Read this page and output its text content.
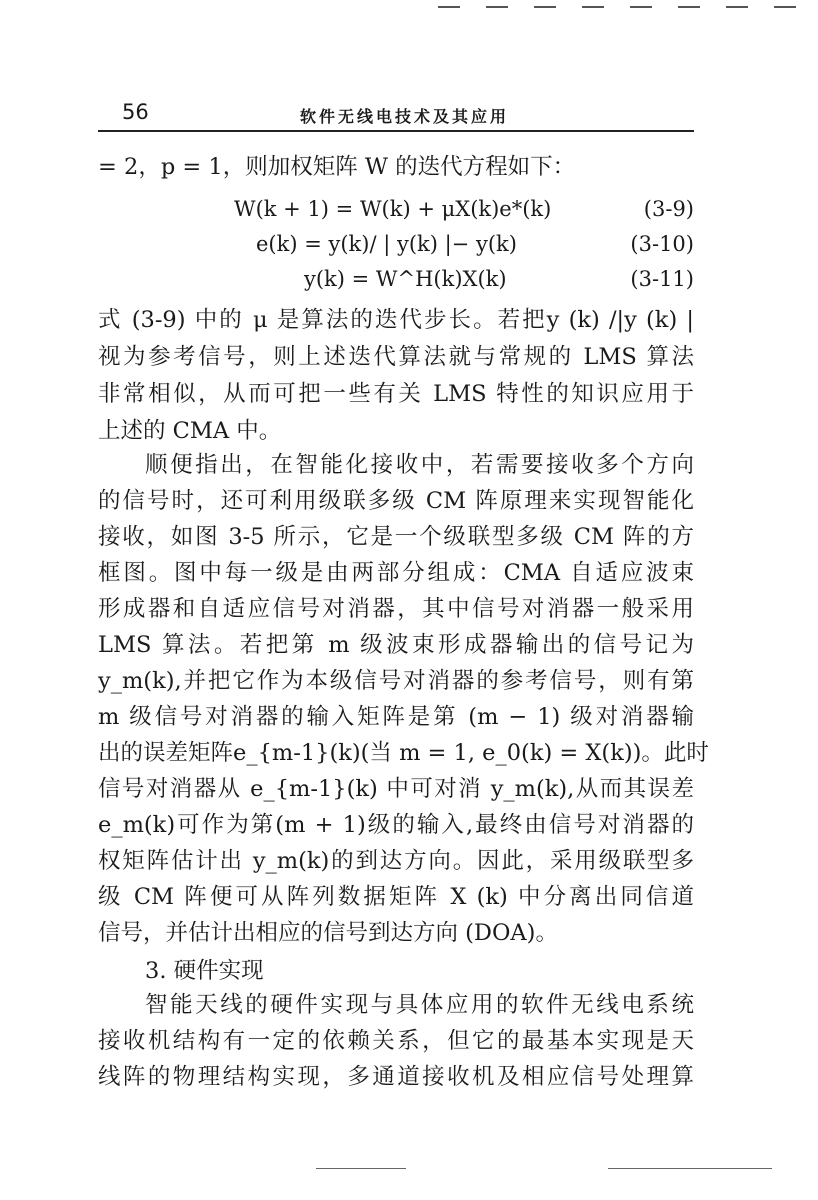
56	软件无线电技术及其应用
= 2，p = 1，则加权矩阵 W 的迭代方程如下：
W(k + 1) = W(k) + μX(k)e*(k)	(3-9)
e(k) = y(k)/ | y(k) |− y(k)	(3-10)
y(k) = W^H(k)X(k)	(3-11)
式 (3-9) 中的 μ 是算法的迭代步长。若把y (k) /|y (k) |
视为参考信号，则上述迭代算法就与常规的 LMS 算法
非常相似，从而可把一些有关 LMS 特性的知识应用于
上述的 CMA 中。
顺便指出，在智能化接收中，若需要接收多个方向
的信号时，还可利用级联多级 CM 阵原理来实现智能化
接收，如图 3-5 所示，它是一个级联型多级 CM 阵的方
框图。图中每一级是由两部分组成：CMA 自适应波束
形成器和自适应信号对消器，其中信号对消器一般采用
LMS 算法。若把第 m 级波束形成器输出的信号记为
y_m(k),并把它作为本级信号对消器的参考信号，则有第
m 级信号对消器的输入矩阵是第 (m − 1) 级对消器输
出的误差矩阵e_{m-1}(k)(当 m = 1, e_0(k) = X(k))。此时
信号对消器从 e_{m-1}(k) 中可对消 y_m(k),从而其误差
e_m(k)可作为第(m + 1)级的输入,最终由信号对消器的
权矩阵估计出 y_m(k)的到达方向。因此，采用级联型多
级 CM 阵便可从阵列数据矩阵 X (k) 中分离出同信道
信号，并估计出相应的信号到达方向 (DOA)。
3. 硬件实现
智能天线的硬件实现与具体应用的软件无线电系统
接收机结构有一定的依赖关系，但它的最基本实现是天
线阵的物理结构实现，多通道接收机及相应信号处理算
